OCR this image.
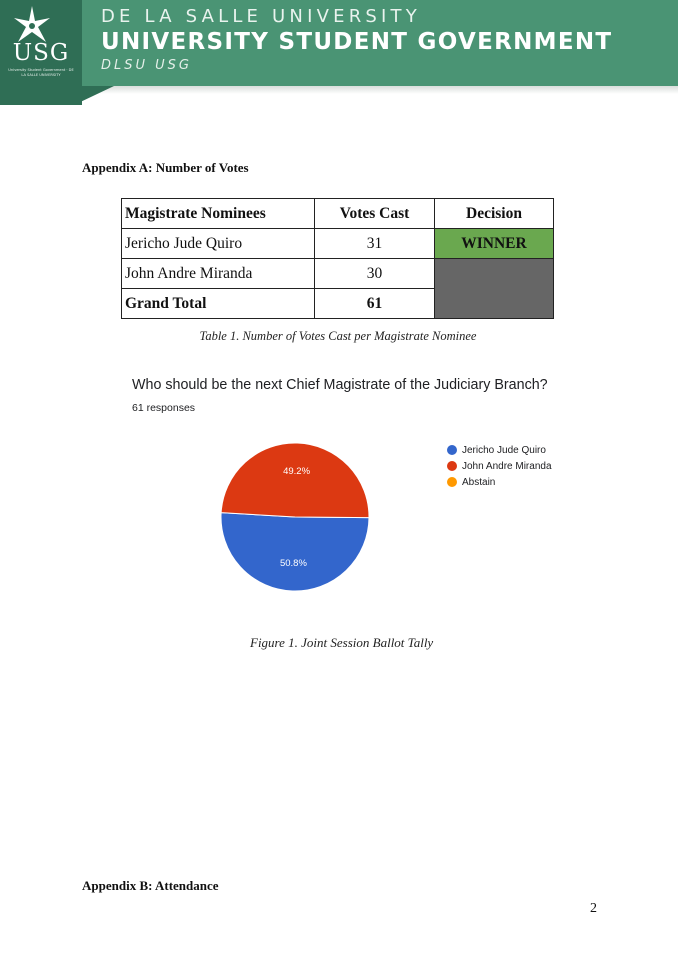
DE LA SALLE UNIVERSITY
UNIVERSITY STUDENT GOVERNMENT
DLSU USG
USG
University Student Government · DE LA SALLE UNIVERSITY
Appendix A: Number of Votes
Magistrate Nominees	Votes Cast	Decision
Jericho Jude Quiro	31	WINNER
John Andre Miranda	30	
Grand Total	61	
Table 1. Number of Votes Cast per Magistrate Nominee
Who should be the next Chief Magistrate of the Judiciary Branch?
61 responses
50.8%
49.2%
Jericho Jude Quiro
John Andre Miranda
Abstain
Figure 1. Joint Session Ballot Tally
Appendix B: Attendance
2
